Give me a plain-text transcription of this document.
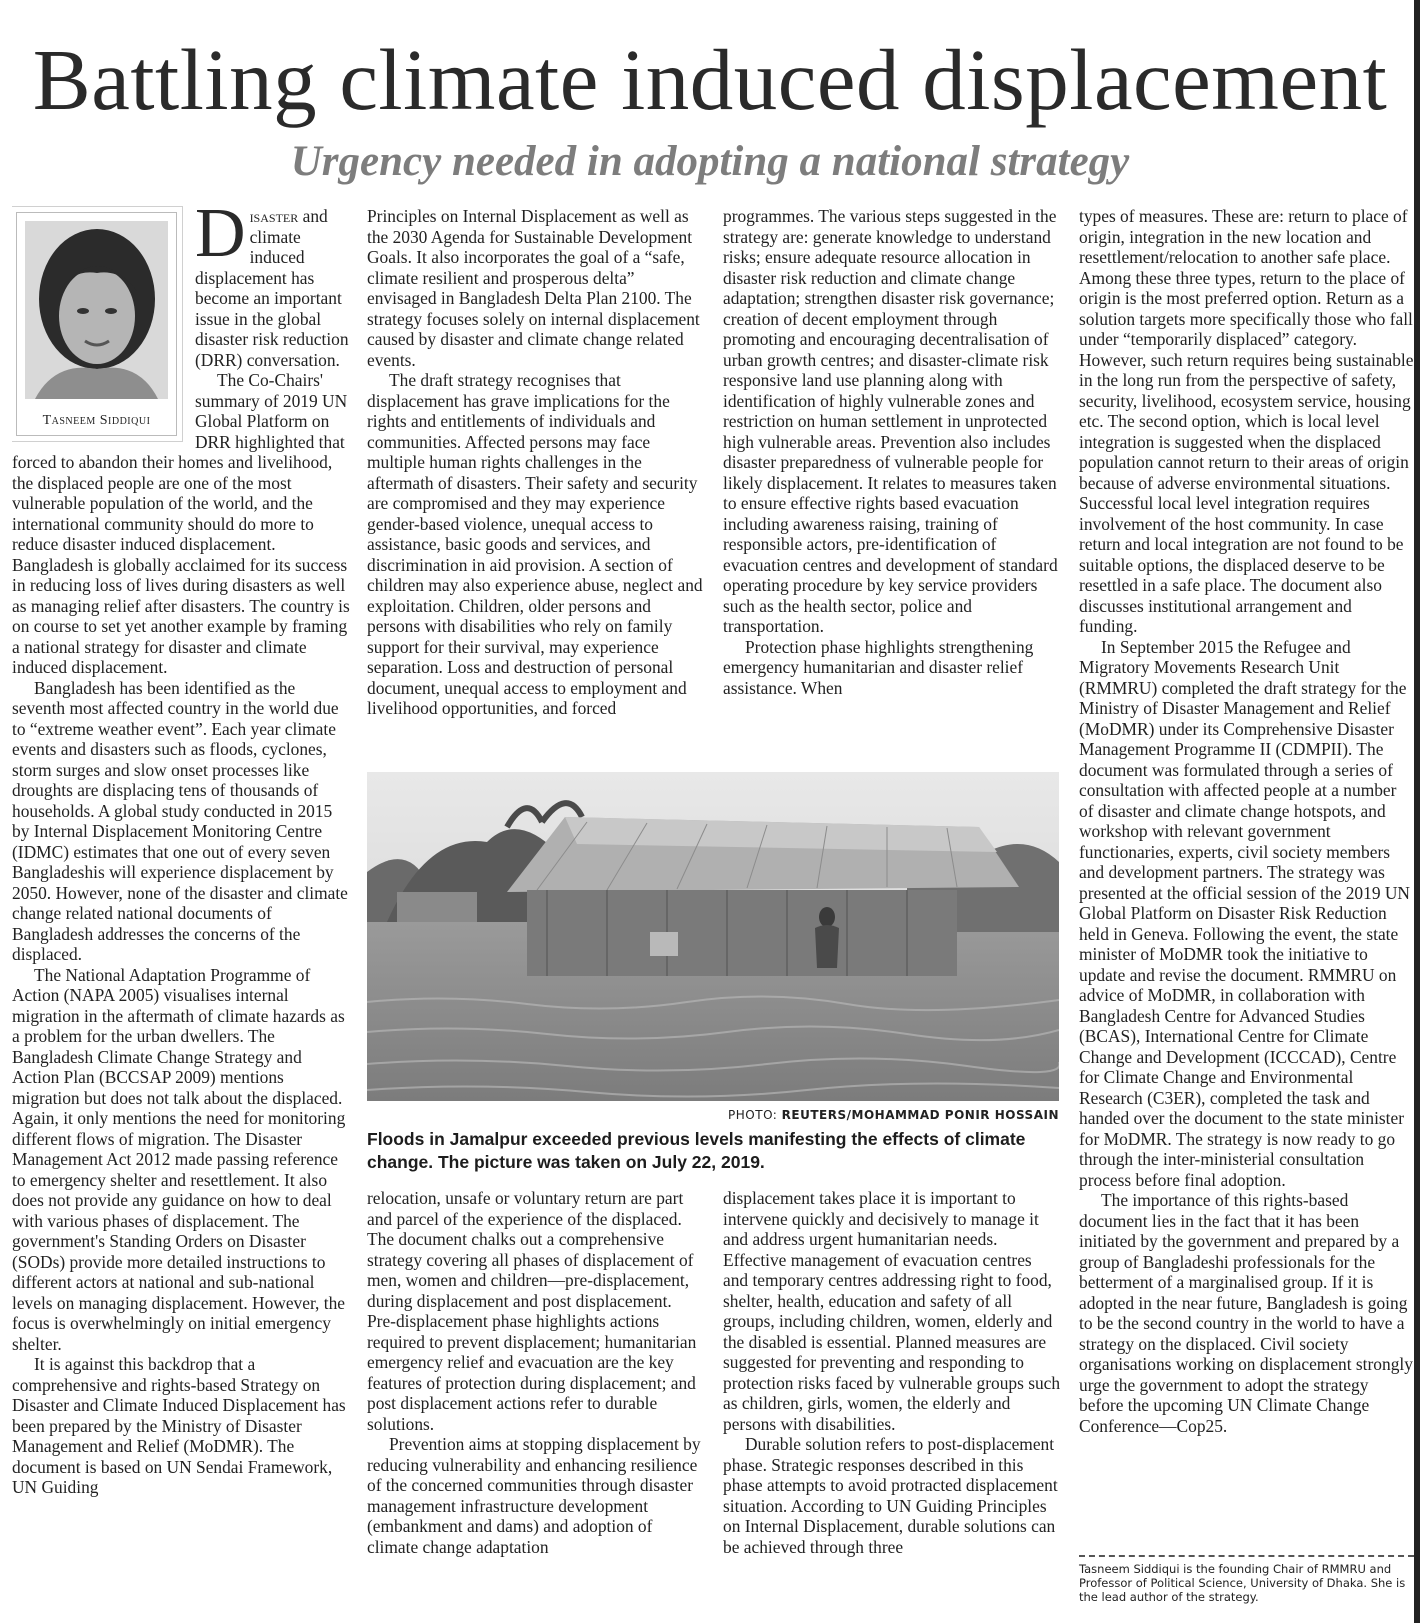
Battling climate induced displacement
Urgency needed in adopting a national strategy
Tasneem Siddiqui

Disaster and climate induced displacement has become an important issue in the global disaster risk reduction (DRR) conversation.

The Co-Chairs' summary of 2019 UN Global Platform on DRR highlighted that forced to abandon their homes and livelihood, the displaced people are one of the most vulnerable population of the world, and the international community should do more to reduce disaster induced displacement. Bangladesh is globally acclaimed for its success in reducing loss of lives during disasters as well as managing relief after disasters. The country is on course to set yet another example by framing a national strategy for disaster and climate induced displacement.

Bangladesh has been identified as the seventh most affected country in the world due to “extreme weather event”. Each year climate events and disasters such as floods, cyclones, storm surges and slow onset processes like droughts are displacing tens of thousands of households. A global study conducted in 2015 by Internal Displacement Monitoring Centre (IDMC) estimates that one out of every seven Bangladeshis will experience displacement by 2050. However, none of the disaster and climate change related national documents of Bangladesh addresses the concerns of the displaced.

The National Adaptation Programme of Action (NAPA 2005) visualises internal migration in the aftermath of climate hazards as a problem for the urban dwellers. The Bangladesh Climate Change Strategy and Action Plan (BCCSAP 2009) mentions migration but does not talk about the displaced. Again, it only mentions the need for monitoring different flows of migration. The Disaster Management Act 2012 made passing reference to emergency shelter and resettlement. It also does not provide any guidance on how to deal with various phases of displacement. The government's Standing Orders on Disaster (SODs) provide more detailed instructions to different actors at national and sub-national levels on managing displacement. However, the focus is overwhelmingly on initial emergency shelter.

It is against this backdrop that a comprehensive and rights-based Strategy on Disaster and Climate Induced Displacement has been prepared by the Ministry of Disaster Management and Relief (MoDMR). The document is based on UN Sendai Framework, UN Guiding

Principles on Internal Displacement as well as the 2030 Agenda for Sustainable Development Goals. It also incorporates the goal of a “safe, climate resilient and prosperous delta” envisaged in Bangladesh Delta Plan 2100. The strategy focuses solely on internal displacement caused by disaster and climate change related events.

The draft strategy recognises that displacement has grave implications for the rights and entitlements of individuals and communities. Affected persons may face multiple human rights challenges in the aftermath of disasters. Their safety and security are compromised and they may experience gender-based violence, unequal access to assistance, basic goods and services, and discrimination in aid provision. A section of children may also experience abuse, neglect and exploitation. Children, older persons and persons with disabilities who rely on family support for their survival, may experience separation. Loss and destruction of personal document, unequal access to employment and livelihood opportunities, and forced

programmes. The various steps suggested in the strategy are: generate knowledge to understand risks; ensure adequate resource allocation in disaster risk reduction and climate change adaptation; strengthen disaster risk governance; creation of decent employment through promoting and encouraging decentralisation of urban growth centres; and disaster-climate risk responsive land use planning along with identification of highly vulnerable zones and restriction on human settlement in unprotected high vulnerable areas. Prevention also includes disaster preparedness of vulnerable people for likely displacement. It relates to measures taken to ensure effective rights based evacuation including awareness raising, training of responsible actors, pre-identification of evacuation centres and development of standard operating procedure by key service providers such as the health sector, police and transportation.

Protection phase highlights strengthening emergency humanitarian and disaster relief assistance. When

PHOTO: REUTERS/MOHAMMAD PONIR HOSSAIN
Floods in Jamalpur exceeded previous levels manifesting the effects of climate change. The picture was taken on July 22, 2019.

relocation, unsafe or voluntary return are part and parcel of the experience of the displaced. The document chalks out a comprehensive strategy covering all phases of displacement of men, women and children—pre-displacement, during displacement and post displacement. Pre-displacement phase highlights actions required to prevent displacement; humanitarian emergency relief and evacuation are the key features of protection during displacement; and post displacement actions refer to durable solutions.

Prevention aims at stopping displacement by reducing vulnerability and enhancing resilience of the concerned communities through disaster management infrastructure development (embankment and dams) and adoption of climate change adaptation

displacement takes place it is important to intervene quickly and decisively to manage it and address urgent humanitarian needs. Effective management of evacuation centres and temporary centres addressing right to food, shelter, health, education and safety of all groups, including children, women, elderly and the disabled is essential. Planned measures are suggested for preventing and responding to protection risks faced by vulnerable groups such as children, girls, women, the elderly and persons with disabilities.

Durable solution refers to post-displacement phase. Strategic responses described in this phase attempts to avoid protracted displacement situation. According to UN Guiding Principles on Internal Displacement, durable solutions can be achieved through three

types of measures. These are: return to place of origin, integration in the new location and resettlement/relocation to another safe place. Among these three types, return to the place of origin is the most preferred option. Return as a solution targets more specifically those who fall under “temporarily displaced” category. However, such return requires being sustainable in the long run from the perspective of safety, security, livelihood, ecosystem service, housing etc. The second option, which is local level integration is suggested when the displaced population cannot return to their areas of origin because of adverse environmental situations. Successful local level integration requires involvement of the host community. In case return and local integration are not found to be suitable options, the displaced deserve to be resettled in a safe place. The document also discusses institutional arrangement and funding.

In September 2015 the Refugee and Migratory Movements Research Unit (RMMRU) completed the draft strategy for the Ministry of Disaster Management and Relief (MoDMR) under its Comprehensive Disaster Management Programme II (CDMPII). The document was formulated through a series of consultation with affected people at a number of disaster and climate change hotspots, and workshop with relevant government functionaries, experts, civil society members and development partners. The strategy was presented at the official session of the 2019 UN Global Platform on Disaster Risk Reduction held in Geneva. Following the event, the state minister of MoDMR took the initiative to update and revise the document. RMMRU on advice of MoDMR, in collaboration with Bangladesh Centre for Advanced Studies (BCAS), International Centre for Climate Change and Development (ICCCAD), Centre for Climate Change and Environmental Research (C3ER), completed the task and handed over the document to the state minister for MoDMR. The strategy is now ready to go through the inter-ministerial consultation process before final adoption.

The importance of this rights-based document lies in the fact that it has been initiated by the government and prepared by a group of Bangladeshi professionals for the betterment of a marginalised group. If it is adopted in the near future, Bangladesh is going to be the second country in the world to have a strategy on the displaced. Civil society organisations working on displacement strongly urge the government to adopt the strategy before the upcoming UN Climate Change Conference—Cop25.

Tasneem Siddiqui is the founding Chair of RMMRU and Professor of Political Science, University of Dhaka. She is the lead author of the strategy.
